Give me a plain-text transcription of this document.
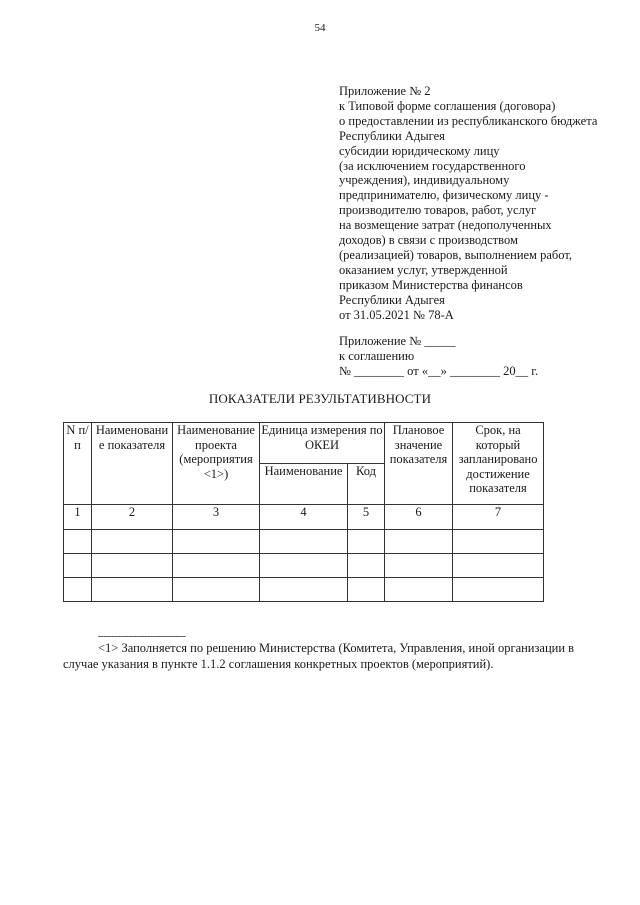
54
Приложение № 2
к Типовой форме соглашения (договора)
о предоставлении из республиканского бюджета
Республики Адыгея
субсидии юридическому лицу
(за исключением государственного
учреждения), индивидуальному
предпринимателю, физическому лицу -
производителю товаров, работ, услуг
на возмещение затрат (недополученных
доходов) в связи с производством
(реализацией) товаров, выполнением работ,
оказанием услуг, утвержденной
приказом Министерства финансов
Республики Адыгея
от 31.05.2021 № 78-А
Приложение № _____
к соглашению
№ ________ от «__» ________ 20__ г.
ПОКАЗАТЕЛИ РЕЗУЛЬТАТИВНОСТИ
N п/п	Наименовани е показателя	Наименование проекта (мероприятия <1>)	Единица измерения по ОКЕИ		Плановое значение показателя	Срок, на который запланировано достижение показателя
			Наименование	Код		
1	2	3	4	5	6	7

--------------------------------
<1> Заполняется по решению Министерства (Комитета, Управления, иной организации в
случае указания в пункте 1.1.2 соглашения конкретных проектов (мероприятий).
